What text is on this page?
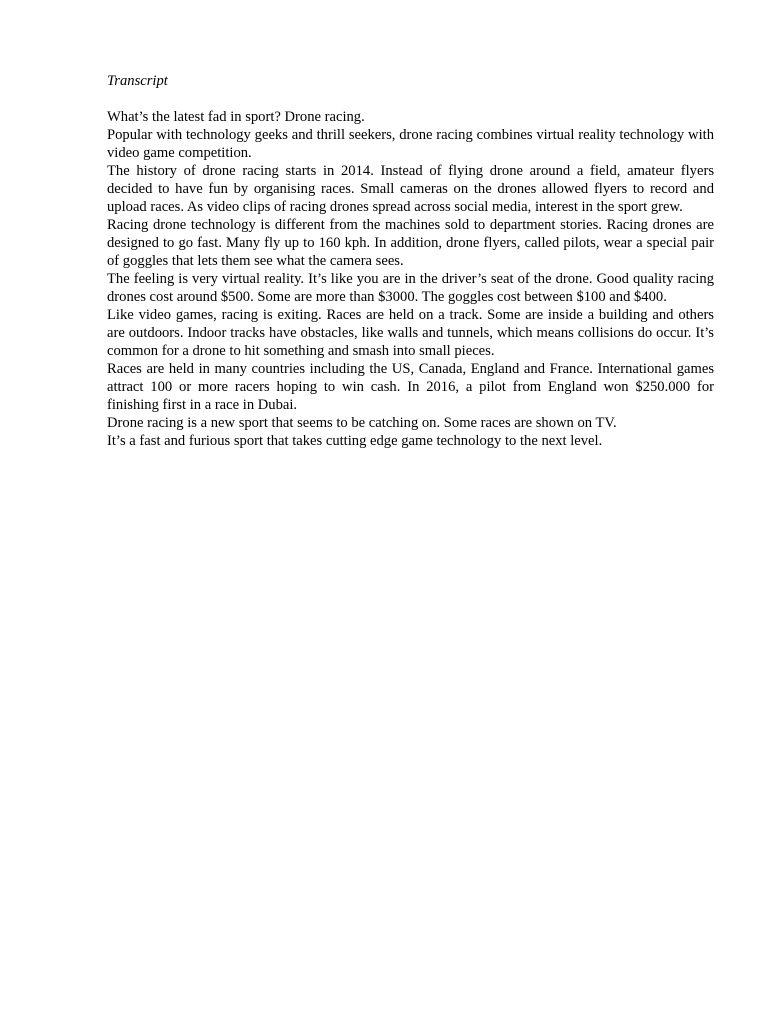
Transcript

What’s the latest fad in sport? Drone racing.

Popular with technology geeks and thrill seekers, drone racing combines virtual reality technology with video game competition.

The history of drone racing starts in 2014. Instead of flying drone around a field, amateur flyers decided to have fun by organising races. Small cameras on the drones allowed flyers to record and upload races. As video clips of racing drones spread across social media, interest in the sport grew.

Racing drone technology is different from the machines sold to department stories. Racing drones are designed to go fast. Many fly up to 160 kph. In addition, drone flyers, called pilots, wear a special pair of goggles that lets them see what the camera sees.

The feeling is very virtual reality. It’s like you are in the driver’s seat of the drone. Good quality racing drones cost around $500. Some are more than $3000. The goggles cost between $100 and $400.

Like video games, racing is exiting. Races are held on a track. Some are inside a building and others are outdoors. Indoor tracks have obstacles, like walls and tunnels, which means collisions do occur. It’s common for a drone to hit something and smash into small pieces.

Races are held in many countries including the US, Canada, England and France. International games attract 100 or more racers hoping to win cash. In 2016, a pilot from England won $250.000 for finishing first in a race in Dubai.

Drone racing is a new sport that seems to be catching on. Some races are shown on TV.

It’s a fast and furious sport that takes cutting edge game technology to the next level.
